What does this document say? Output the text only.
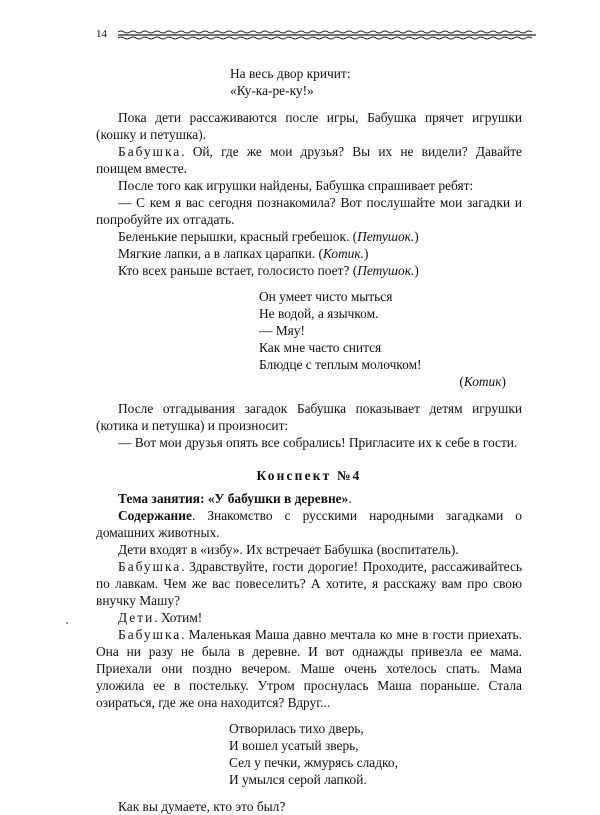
14
На весь двор кричит:
«Ку-ка-ре-ку!»

Пока дети рассаживаются после игры, Бабушка прячет игрушки (кошку и петушка).

Бабушка. Ой, где же мои друзья? Вы их не видели? Давайте поищем вместе.

После того как игрушки найдены, Бабушка спрашивает ребят:

— С кем я вас сегодня познакомила? Вот послушайте мои загадки и попробуйте их отгадать.

Беленькие перышки, красный гребешок. (Петушок.)

Мягкие лапки, а в лапках царапки. (Котик.)

Кто всех раньше встает, голосисто поет? (Петушок.)

Он умеет чисто мыться
Не водой, а язычком.
— Мяу!
Как мне часто снится
Блюдце с теплым молочком!
(Котик)

После отгадывания загадок Бабушка показывает детям игрушки (котика и петушка) и произносит:

— Вот мои друзья опять все собрались! Пригласите их к себе в гости.

Конспект №4

Тема занятия: «У бабушки в деревне».

Содержание. Знакомство с русскими народными загадками о домашних животных.

Дети входят в «избу». Их встречает Бабушка (воспитатель).

Бабушка. Здравствуйте, гости дорогие! Проходите, рассаживайтесь по лавкам. Чем же вас повеселить? А хотите, я расскажу вам про свою внучку Машу?

Дети. Хотим!

Бабушка. Маленькая Маша давно мечтала ко мне в гости приехать. Она ни разу не была в деревне. И вот однажды привезла ее мама. Приехали они поздно вечером. Маше очень хотелось спать. Мама уложила ее в постельку. Утром проснулась Маша пораньше. Стала озираться, где же она находится? Вдруг...

Отворилась тихо дверь,
И вошел усатый зверь,
Сел у печки, жмурясь сладко,
И умылся серой лапкой.

Как вы думаете, кто это был?
